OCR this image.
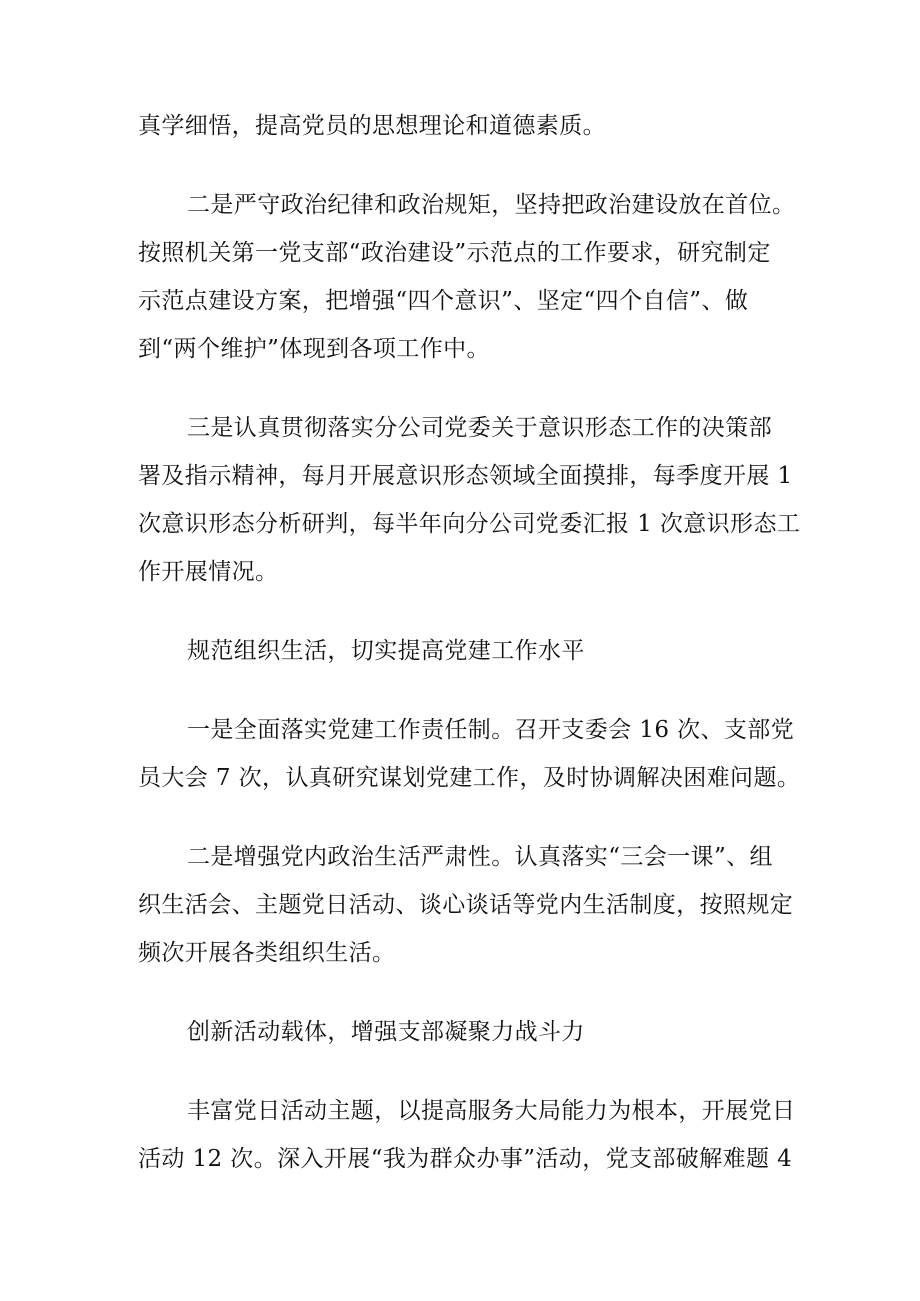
真学细悟，提高党员的思想理论和道德素质。
二是严守政治纪律和政治规矩，坚持把政治建设放在首位。
按照机关第一党支部“政治建设”示范点的工作要求，研究制定
示范点建设方案，把增强“四个意识”、坚定“四个自信”、做
到“两个维护”体现到各项工作中。
三是认真贯彻落实分公司党委关于意识形态工作的决策部
署及指示精神，每月开展意识形态领域全面摸排，每季度开展 1
次意识形态分析研判，每半年向分公司党委汇报 1 次意识形态工
作开展情况。
规范组织生活，切实提高党建工作水平
一是全面落实党建工作责任制。召开支委会 16 次、支部党
员大会 7 次，认真研究谋划党建工作，及时协调解决困难问题。
二是增强党内政治生活严肃性。认真落实“三会一课”、组
织生活会、主题党日活动、谈心谈话等党内生活制度，按照规定
频次开展各类组织生活。
创新活动载体，增强支部凝聚力战斗力
丰富党日活动主题，以提高服务大局能力为根本，开展党日
活动 12 次。深入开展“我为群众办事”活动，党支部破解难题 4
